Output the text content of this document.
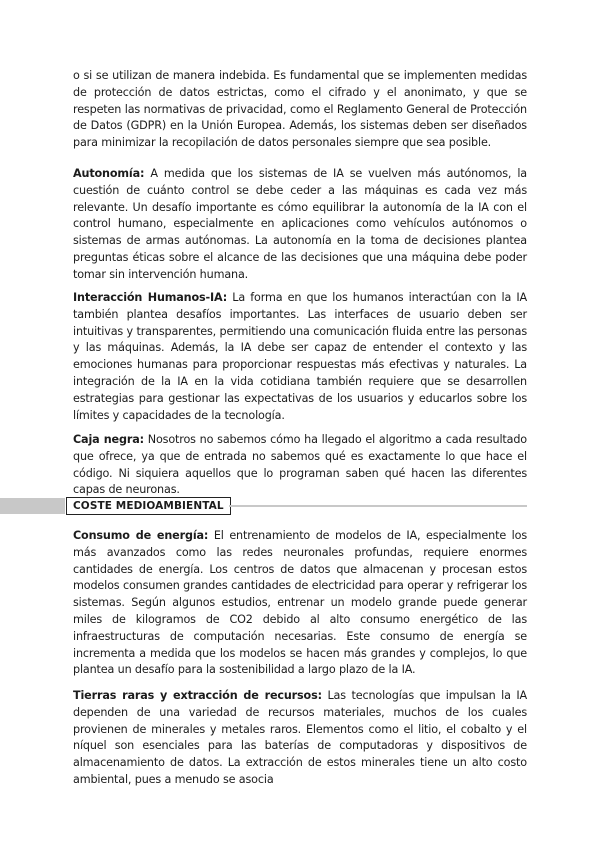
o si se utilizan de manera indebida. Es fundamental que se implementen medidas de protección de datos estrictas, como el cifrado y el anonimato, y que se respeten las normativas de privacidad, como el Reglamento General de Protección de Datos (GDPR) en la Unión Europea. Además, los sistemas deben ser diseñados para minimizar la recopilación de datos personales siempre que sea posible.

Autonomía: A medida que los sistemas de IA se vuelven más autónomos, la cuestión de cuánto control se debe ceder a las máquinas es cada vez más relevante. Un desafío importante es cómo equilibrar la autonomía de la IA con el control humano, especialmente en aplicaciones como vehículos autónomos o sistemas de armas autónomas. La autonomía en la toma de decisiones plantea preguntas éticas sobre el alcance de las decisiones que una máquina debe poder tomar sin intervención humana.

Interacción Humanos-IA: La forma en que los humanos interactúan con la IA también plantea desafíos importantes. Las interfaces de usuario deben ser intuitivas y transparentes, permitiendo una comunicación fluida entre las personas y las máquinas. Además, la IA debe ser capaz de entender el contexto y las emociones humanas para proporcionar respuestas más efectivas y naturales. La integración de la IA en la vida cotidiana también requiere que se desarrollen estrategias para gestionar las expectativas de los usuarios y educarlos sobre los límites y capacidades de la tecnología.

Caja negra: Nosotros no sabemos cómo ha llegado el algoritmo a cada resultado que ofrece, ya que de entrada no sabemos qué es exactamente lo que hace el código. Ni siquiera aquellos que lo programan saben qué hacen las diferentes capas de neuronas.

COSTE MEDIOAMBIENTAL

Consumo de energía: El entrenamiento de modelos de IA, especialmente los más avanzados como las redes neuronales profundas, requiere enormes cantidades de energía. Los centros de datos que almacenan y procesan estos modelos consumen grandes cantidades de electricidad para operar y refrigerar los sistemas. Según algunos estudios, entrenar un modelo grande puede generar miles de kilogramos de CO2 debido al alto consumo energético de las infraestructuras de computación necesarias. Este consumo de energía se incrementa a medida que los modelos se hacen más grandes y complejos, lo que plantea un desafío para la sostenibilidad a largo plazo de la IA.

Tierras raras y extracción de recursos: Las tecnologías que impulsan la IA dependen de una variedad de recursos materiales, muchos de los cuales provienen de minerales y metales raros. Elementos como el litio, el cobalto y el níquel son esenciales para las baterías de computadoras y dispositivos de almacenamiento de datos. La extracción de estos minerales tiene un alto costo ambiental, pues a menudo se asocia
